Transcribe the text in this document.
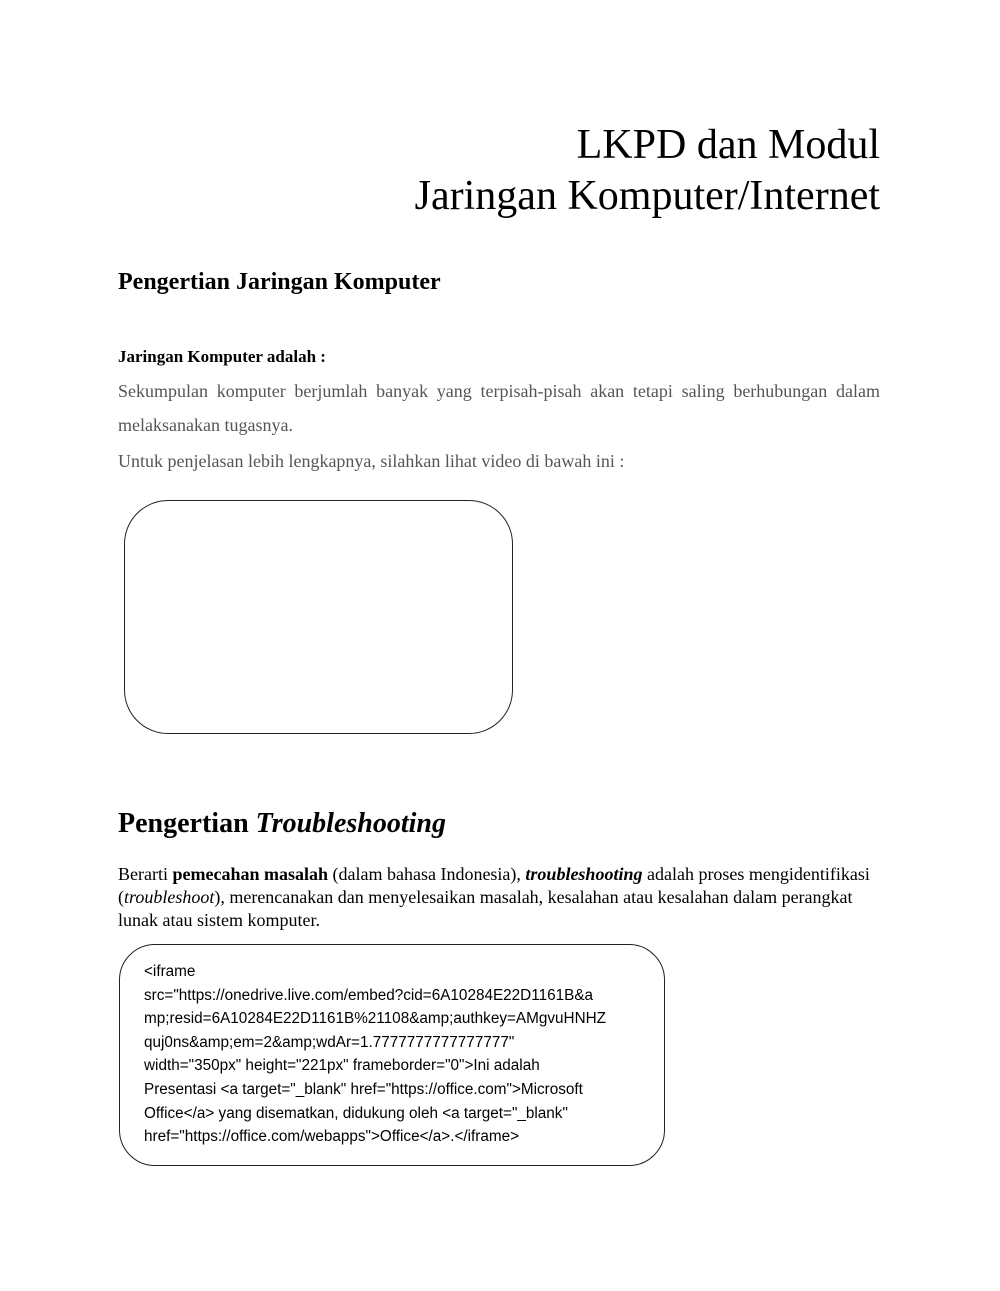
LKPD dan Modul
Jaringan Komputer/Internet
Pengertian Jaringan Komputer
Jaringan Komputer adalah :
Sekumpulan komputer berjumlah banyak yang terpisah-pisah akan tetapi saling berhubungan dalam melaksanakan tugasnya.
Untuk penjelasan lebih lengkapnya, silahkan lihat video di bawah ini :
Pengertian Troubleshooting
Berarti pemecahan masalah (dalam bahasa Indonesia), troubleshooting adalah proses mengidentifikasi (troubleshoot), merencanakan dan menyelesaikan masalah, kesalahan atau kesalahan dalam perangkat lunak atau sistem komputer.
<iframe
src="https://onedrive.live.com/embed?cid=6A10284E22D1161B&a
mp;resid=6A10284E22D1161B%21108&amp;authkey=AMgvuHNHZ
quj0ns&amp;em=2&amp;wdAr=1.7777777777777777"
width="350px" height="221px" frameborder="0">Ini adalah
Presentasi <a target="_blank" href="https://office.com">Microsoft
Office</a> yang disematkan, didukung oleh <a target="_blank"
href="https://office.com/webapps">Office</a>.</iframe>
